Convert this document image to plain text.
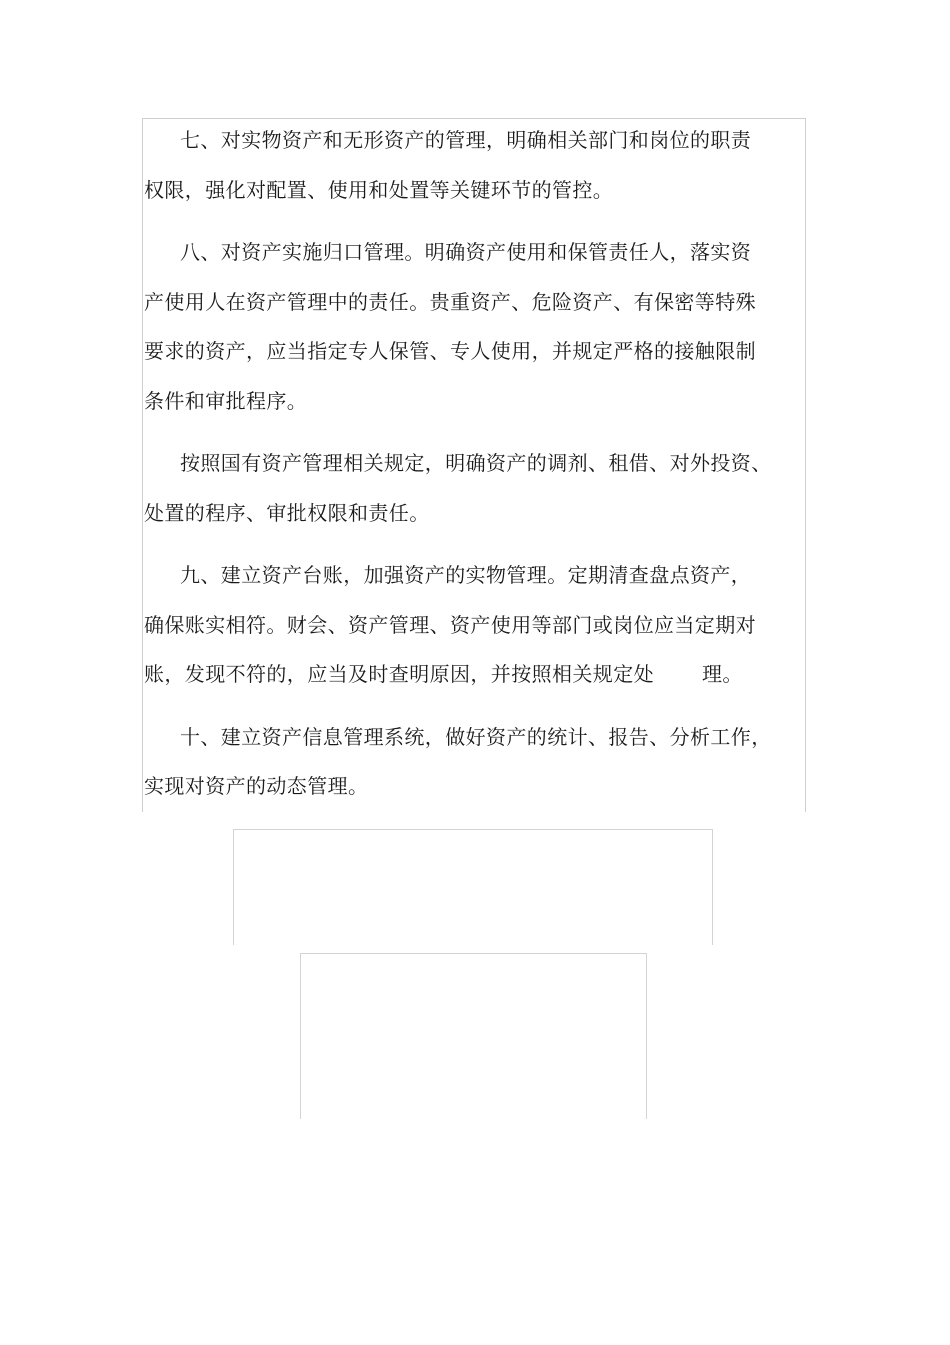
七、对实物资产和无形资产的管理，明确相关部门和岗位的职责
权限，强化对配置、使用和处置等关键环节的管控。

八、对资产实施归口管理。明确资产使用和保管责任人，落实资
产使用人在资产管理中的责任。贵重资产、危险资产、有保密等特殊
要求的资产，应当指定专人保管、专人使用，并规定严格的接触限制
条件和审批程序。

按照国有资产管理相关规定，明确资产的调剂、租借、对外投资、
处置的程序、审批权限和责任。

九、建立资产台账，加强资产的实物管理。定期清查盘点资产，
确保账实相符。财会、资产管理、资产使用等部门或岗位应当定期对
账，发现不符的，应当及时查明原因，并按照相关规定处 理。

十、建立资产信息管理系统，做好资产的统计、报告、分析工作，
实现对资产的动态管理。
